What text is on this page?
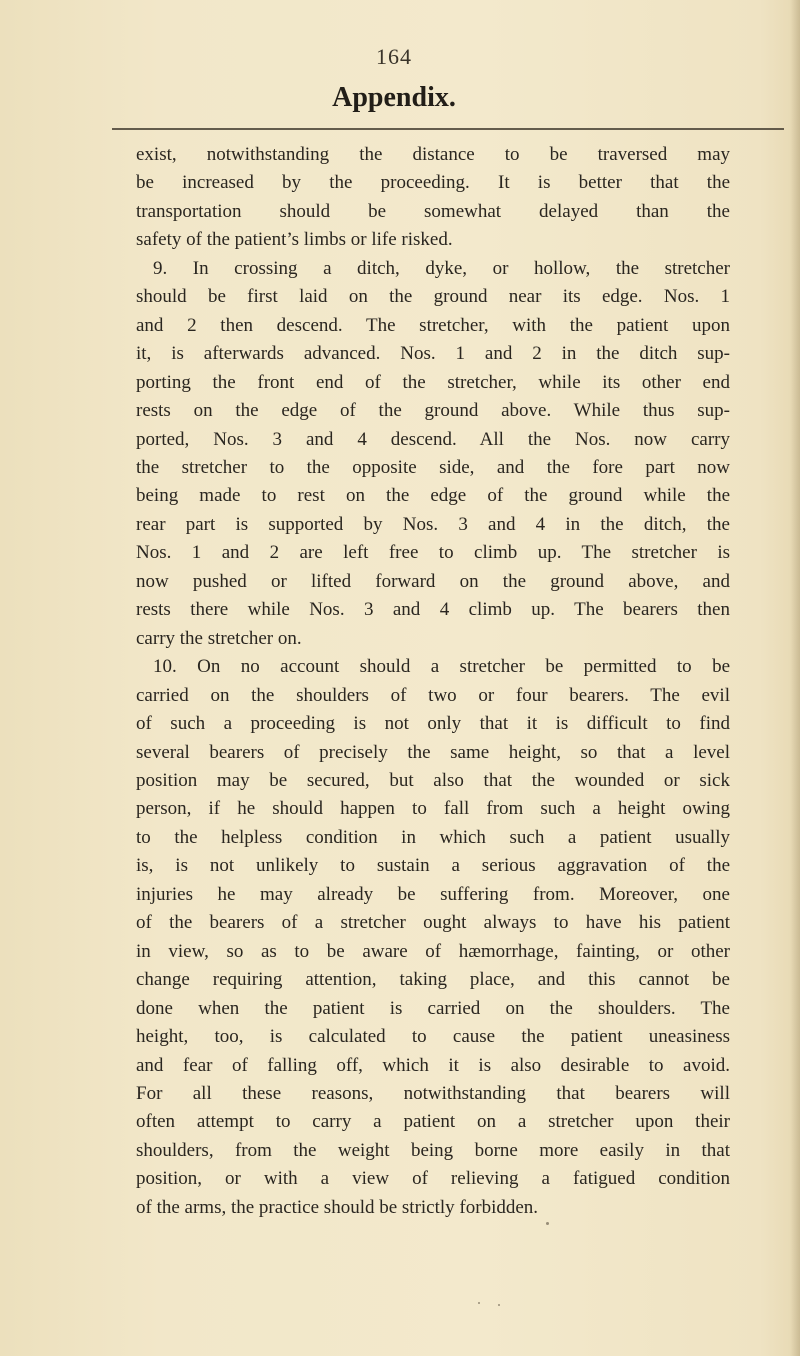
164
Appendix.
exist, notwithstanding the distance to be traversed may
be increased by the proceeding. It is better that the
transportation should be somewhat delayed than the
safety of the patient’s limbs or life risked.
9. In crossing a ditch, dyke, or hollow, the stretcher
should be first laid on the ground near its edge. Nos. 1
and 2 then descend. The stretcher, with the patient upon
it, is afterwards advanced. Nos. 1 and 2 in the ditch sup-
porting the front end of the stretcher, while its other end
rests on the edge of the ground above. While thus sup-
ported, Nos. 3 and 4 descend. All the Nos. now carry
the stretcher to the opposite side, and the fore part now
being made to rest on the edge of the ground while the
rear part is supported by Nos. 3 and 4 in the ditch, the
Nos. 1 and 2 are left free to climb up. The stretcher is
now pushed or lifted forward on the ground above, and
rests there while Nos. 3 and 4 climb up. The bearers then
carry the stretcher on.
10. On no account should a stretcher be permitted to be
carried on the shoulders of two or four bearers. The evil
of such a proceeding is not only that it is difficult to find
several bearers of precisely the same height, so that a level
position may be secured, but also that the wounded or sick
person, if he should happen to fall from such a height owing
to the helpless condition in which such a patient usually
is, is not unlikely to sustain a serious aggravation of the
injuries he may already be suffering from. Moreover, one
of the bearers of a stretcher ought always to have his patient
in view, so as to be aware of hæmorrhage, fainting, or other
change requiring attention, taking place, and this cannot be
done when the patient is carried on the shoulders. The
height, too, is calculated to cause the patient uneasiness
and fear of falling off, which it is also desirable to avoid.
For all these reasons, notwithstanding that bearers will
often attempt to carry a patient on a stretcher upon their
shoulders, from the weight being borne more easily in that
position, or with a view of relieving a fatigued condition
of the arms, the practice should be strictly forbidden.
